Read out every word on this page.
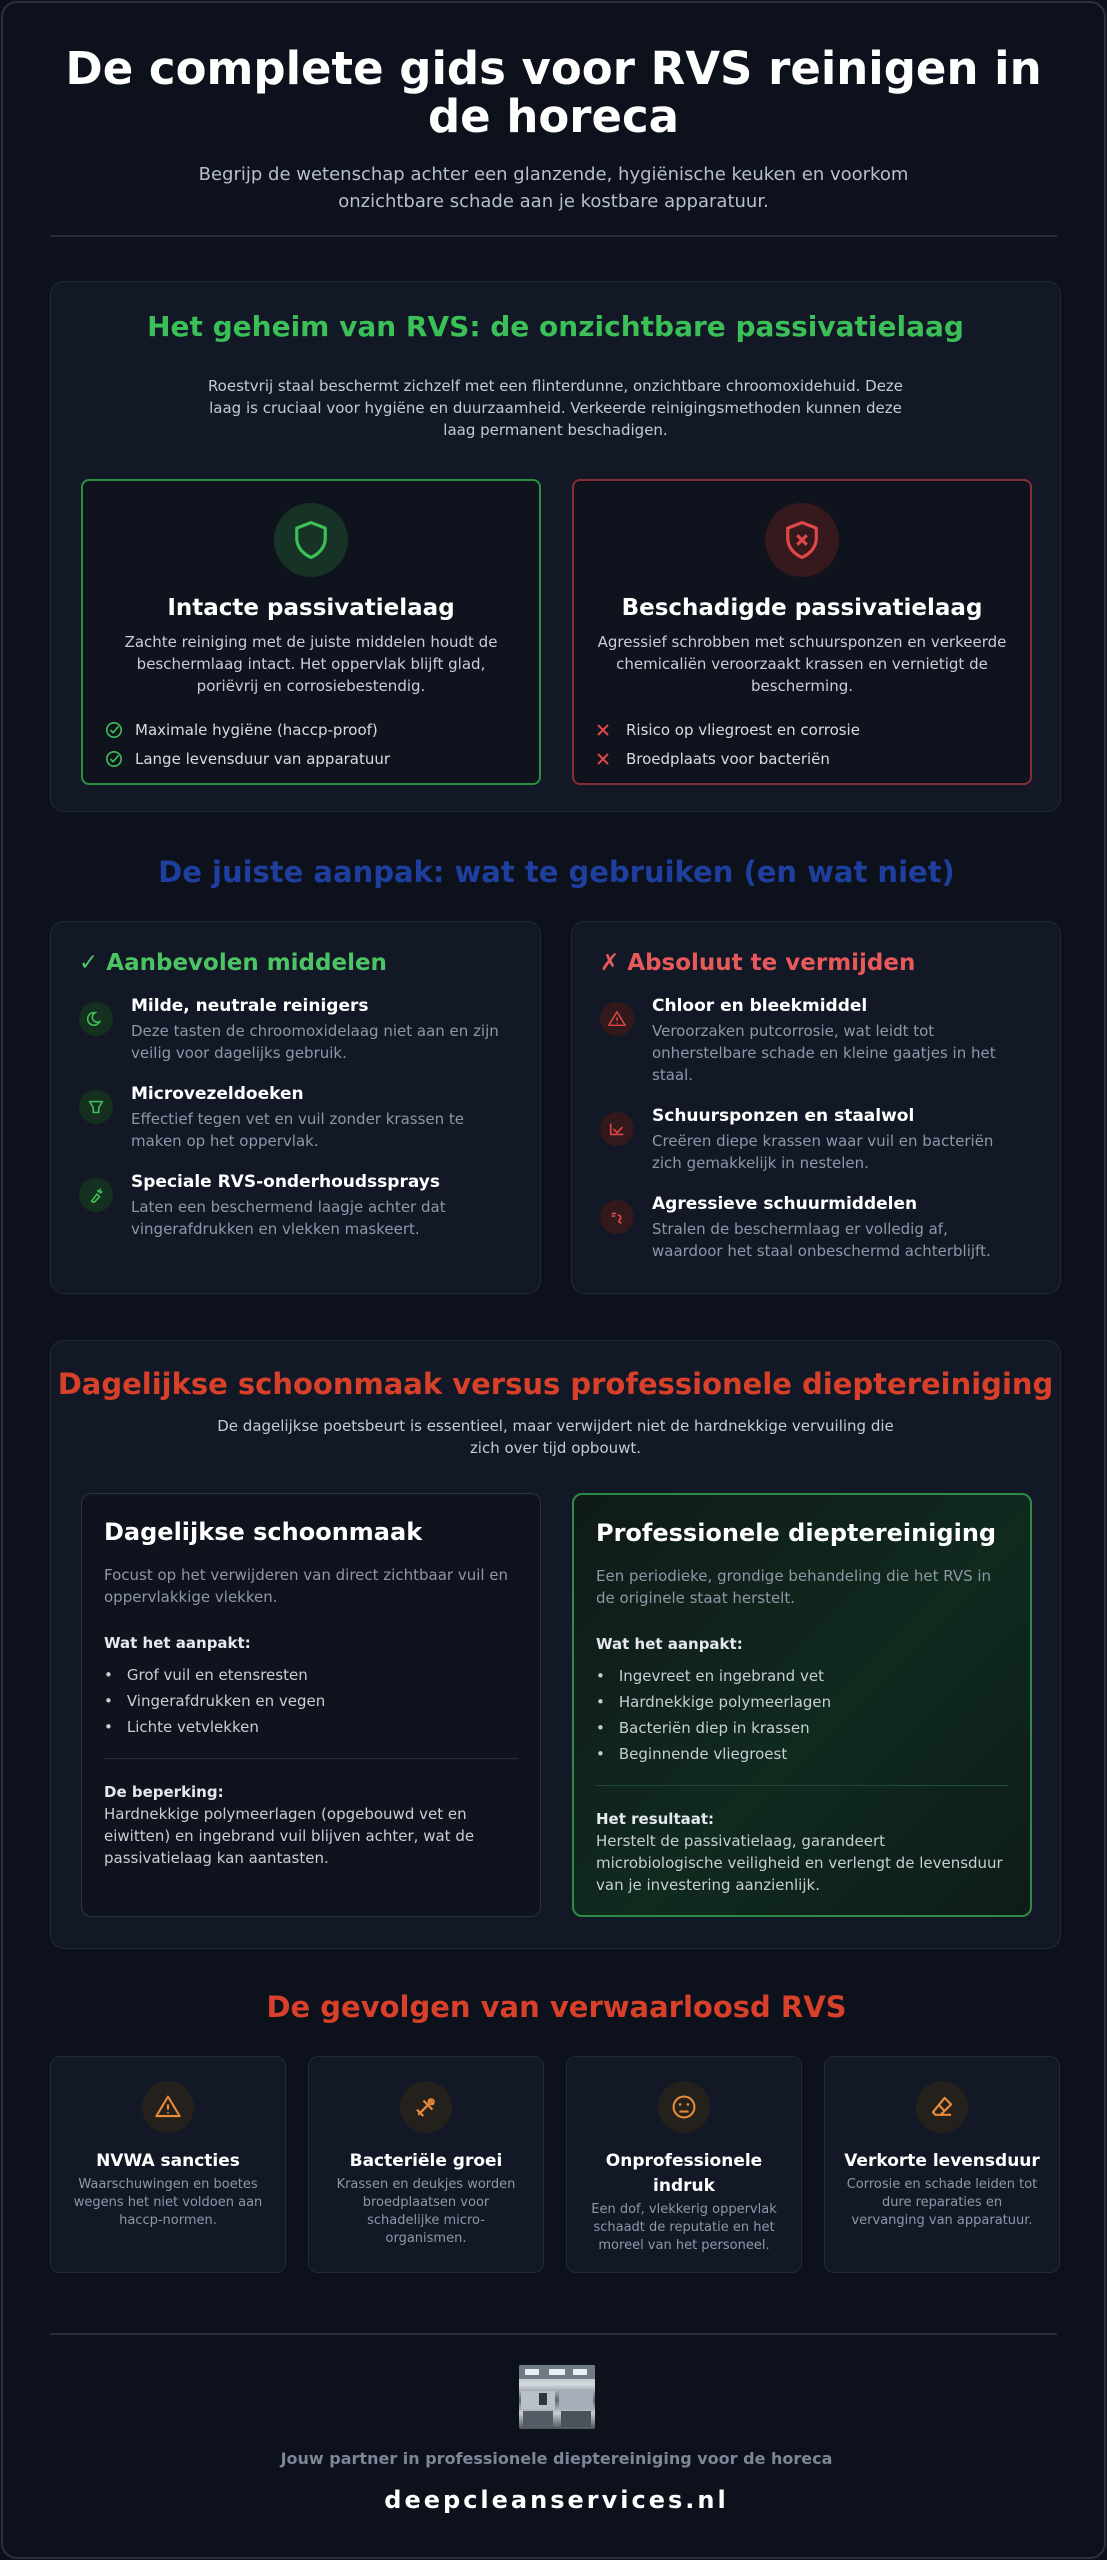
De complete gids voor RVS reinigen in de horeca

Begrijp de wetenschap achter een glanzende, hygiënische keuken en voorkom onzichtbare schade aan je kostbare apparatuur.

Het geheim van RVS: de onzichtbare passivatielaag

Roestvrij staal beschermt zichzelf met een flinterdunne, onzichtbare chroomoxidehuid. Deze laag is cruciaal voor hygiëne en duurzaamheid. Verkeerde reinigingsmethoden kunnen deze laag permanent beschadigen.

Intacte passivatielaag

Zachte reiniging met de juiste middelen houdt de beschermlaag intact. Het oppervlak blijft glad, poriëvrij en corrosiebestendig.

Maximale hygiëne (haccp-proof)
Lange levensduur van apparatuur
Beschadigde passivatielaag

Agressief schrobben met schuursponzen en verkeerde chemicaliën veroorzaakt krassen en vernietigt de bescherming.

Risico op vliegroest en corrosie
Broedplaats voor bacteriën
De juiste aanpak: wat te gebruiken (en wat niet)
✓ Aanbevolen middelen
Milde, neutrale reinigers
Deze tasten de chroomoxidelaag niet aan en zijn veilig voor dagelijks gebruik.
Microvezeldoeken
Effectief tegen vet en vuil zonder krassen te maken op het oppervlak.
Speciale RVS-onderhoudssprays
Laten een beschermend laagje achter dat vingerafdrukken en vlekken maskeert.
✗ Absoluut te vermijden
Chloor en bleekmiddel
Veroorzaken putcorrosie, wat leidt tot onherstelbare schade en kleine gaatjes in het staal.
Schuursponzen en staalwol
Creëren diepe krassen waar vuil en bacteriën zich gemakkelijk in nestelen.
Agressieve schuurmiddelen
Stralen de beschermlaag er volledig af, waardoor het staal onbeschermd achterblijft.
Dagelijkse schoonmaak versus professionele dieptereiniging

De dagelijkse poetsbeurt is essentieel, maar verwijdert niet de hardnekkige vervuiling die zich over tijd opbouwt.

Dagelijkse schoonmaak

Focust op het verwijderen van direct zichtbaar vuil en oppervlakkige vlekken.

Wat het aanpakt:
• Grof vuil en etensresten
• Vingerafdrukken en vegen
• Lichte vetvlekken
De beperking:

Hardnekkige polymeerlagen (opgebouwd vet en eiwitten) en ingebrand vuil blijven achter, wat de passivatielaag kan aantasten.

Professionele dieptereiniging

Een periodieke, grondige behandeling die het RVS in de originele staat herstelt.

Wat het aanpakt:
• Ingevreet en ingebrand vet
• Hardnekkige polymeerlagen
• Bacteriën diep in krassen
• Beginnende vliegroest
Het resultaat:

Herstelt de passivatielaag, garandeert microbiologische veiligheid en verlengt de levensduur van je investering aanzienlijk.

De gevolgen van verwaarloosd RVS
NVWA sancties

Waarschuwingen en boetes wegens het niet voldoen aan haccp-normen.

Bacteriële groei

Krassen en deukjes worden broedplaatsen voor schadelijke micro-organismen.

Onprofessionele indruk

Een dof, vlekkerig oppervlak schaadt de reputatie en het moreel van het personeel.

Verkorte levensduur

Corrosie en schade leiden tot dure reparaties en vervanging van apparatuur.

Jouw partner in professionele dieptereiniging voor de horeca
deepcleanservices.nl
